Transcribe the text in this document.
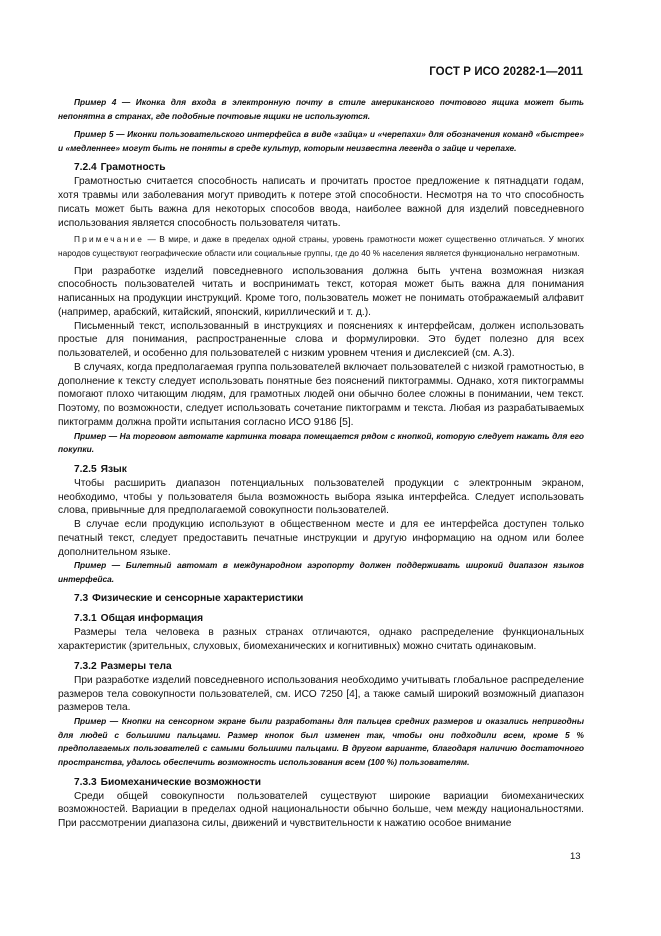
ГОСТ Р ИСО 20282-1—2011

Пример 4 — Иконка для входа в электронную почту в стиле американского почтового ящика может быть непонятна в странах, где подобные почтовые ящики не используются.

Пример 5 — Иконки пользовательского интерфейса в виде «зайца» и «черепахи» для обозначения команд «быстрее» и «медленнее» могут быть не поняты в среде культур, которым неизвестна легенда о зайце и черепахе.

7.2.4 Грамотность

Грамотностью считается способность написать и прочитать простое предложение к пятнадцати годам, хотя травмы или заболевания могут приводить к потере этой способности. Несмотря на то что способность писать может быть важна для некоторых способов ввода, наиболее важной для изделий повседневного использования является способность пользователя читать.

Примечание — В мире, и даже в пределах одной страны, уровень грамотности может существенно отличаться. У многих народов существуют географические области или социальные группы, где до 40 % населения является функционально неграмотным.

При разработке изделий повседневного использования должна быть учтена возможная низкая способность пользователей читать и воспринимать текст, которая может быть важна для понимания написанных на продукции инструкций. Кроме того, пользователь может не понимать отображаемый алфавит (например, арабский, китайский, японский, кириллический и т. д.).

Письменный текст, использованный в инструкциях и пояснениях к интерфейсам, должен использовать простые для понимания, распространенные слова и формулировки. Это будет полезно для всех пользователей, и особенно для пользователей с низким уровнем чтения и дислексией (см. А.3).

В случаях, когда предполагаемая группа пользователей включает пользователей с низкой грамотностью, в дополнение к тексту следует использовать понятные без пояснений пиктограммы. Однако, хотя пиктограммы помогают плохо читающим людям, для грамотных людей они обычно более сложны в понимании, чем текст. Поэтому, по возможности, следует использовать сочетание пиктограмм и текста. Любая из разрабатываемых пиктограмм должна пройти испытания согласно ИСО 9186 [5].

Пример — На торговом автомате картинка товара помещается рядом с кнопкой, которую следует нажать для его покупки.

7.2.5 Язык

Чтобы расширить диапазон потенциальных пользователей продукции с электронным экраном, необходимо, чтобы у пользователя была возможность выбора языка интерфейса. Следует использовать слова, привычные для предполагаемой совокупности пользователей.

В случае если продукцию используют в общественном месте и для ее интерфейса доступен только печатный текст, следует предоставить печатные инструкции и другую информацию на одном или более дополнительном языке.

Пример — Билетный автомат в международном аэропорту должен поддерживать широкий диапазон языков интерфейса.

7.3 Физические и сенсорные характеристики
7.3.1 Общая информация

Размеры тела человека в разных странах отличаются, однако распределение функциональных характеристик (зрительных, слуховых, биомеханических и когнитивных) можно считать одинаковым.

7.3.2 Размеры тела

При разработке изделий повседневного использования необходимо учитывать глобальное распределение размеров тела совокупности пользователей, см. ИСО 7250 [4], а также самый широкий возможный диапазон размеров тела.

Пример — Кнопки на сенсорном экране были разработаны для пальцев средних размеров и оказались непригодны для людей с большими пальцами. Размер кнопок был изменен так, чтобы они подходили всем, кроме 5 % предполагаемых пользователей с самыми большими пальцами. В другом варианте, благодаря наличию достаточного пространства, удалось обеспечить возможность использования всем (100 %) пользователям.

7.3.3 Биомеханические возможности

Среди общей совокупности пользователей существуют широкие вариации биомеханических возможностей. Вариации в пределах одной национальности обычно больше, чем между национальностями. При рассмотрении диапазона силы, движений и чувствительности к нажатию особое внимание

13
